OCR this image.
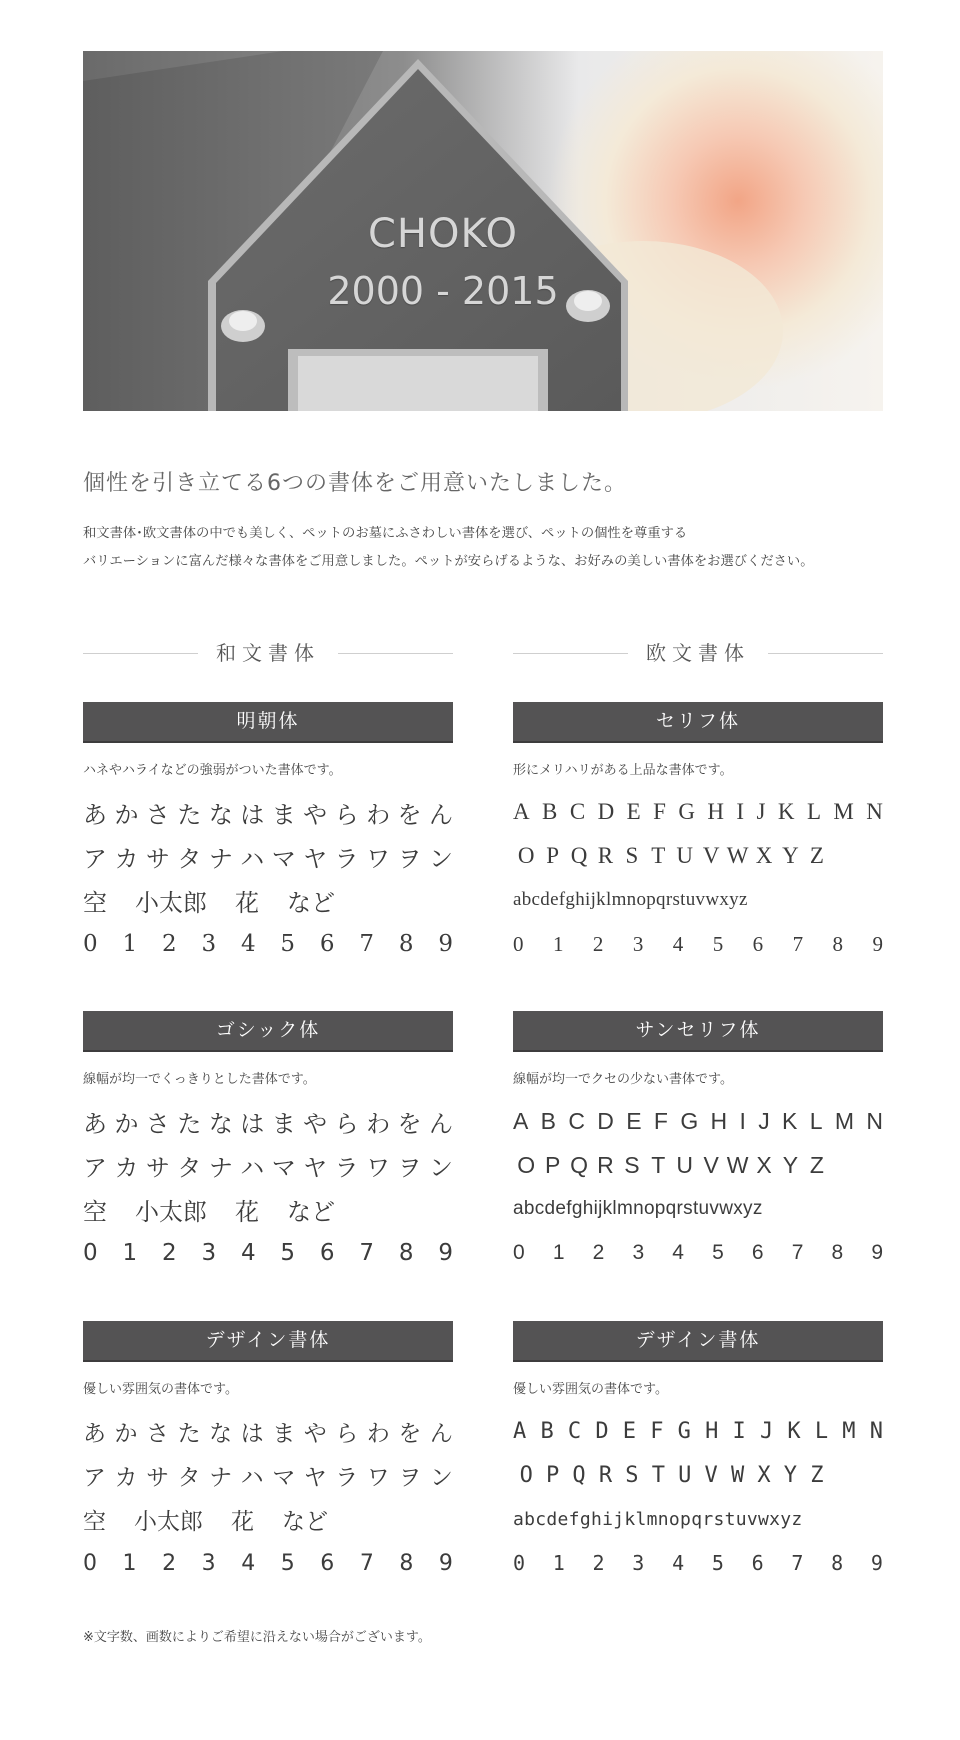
CHOKO
2000 - 2015
個性を引き立てる6つの書体をご用意いたしました。
和文書体･欧文書体の中でも美しく、ペットのお墓にふさわしい書体を選び、ペットの個性を尊重する
バリエーションに富んだ様々な書体をご用意しました。ペットが安らげるような、お好みの美しい書体をお選びください。
和文書体	欧文書体
明朝体
ハネやハライなどの強弱がついた書体です。
あ か さ た な は ま や ら わ を ん
ア カ サ タ ナ ハ マ ヤ ラ ワ ヲ ン
空 小太郎 花 など
0 1 2 3 4 5 6 7 8 9
セリフ体
形にメリハリがある上品な書体です。
A B C D E F G H I J K L M N
O P Q R S T U V W X Y Z
abcdefghijklmnopqrstuvwxyz
0 1 2 3 4 5 6 7 8 9
ゴシック体
線幅が均一でくっきりとした書体です。
あ か さ た な は ま や ら わ を ん
ア カ サ タ ナ ハ マ ヤ ラ ワ ヲ ン
空 小太郎 花 など
0 1 2 3 4 5 6 7 8 9
サンセリフ体
線幅が均一でクセの少ない書体です。
A B C D E F G H I J K L M N
O P Q R S T U V W X Y Z
abcdefghijklmnopqrstuvwxyz
0 1 2 3 4 5 6 7 8 9
デザイン書体
優しい雰囲気の書体です。
あ か さ た な は ま や ら わ を ん
ア カ サ タ ナ ハ マ ヤ ラ ワ ヲ ン
空 小太郎 花 など
0 1 2 3 4 5 6 7 8 9
デザイン書体
優しい雰囲気の書体です。
A B C D E F G H I J K L M N
O P Q R S T U V W X Y Z
abcdefghijklmnopqrstuvwxyz
0 1 2 3 4 5 6 7 8 9
※文字数、画数によりご希望に沿えない場合がございます。
